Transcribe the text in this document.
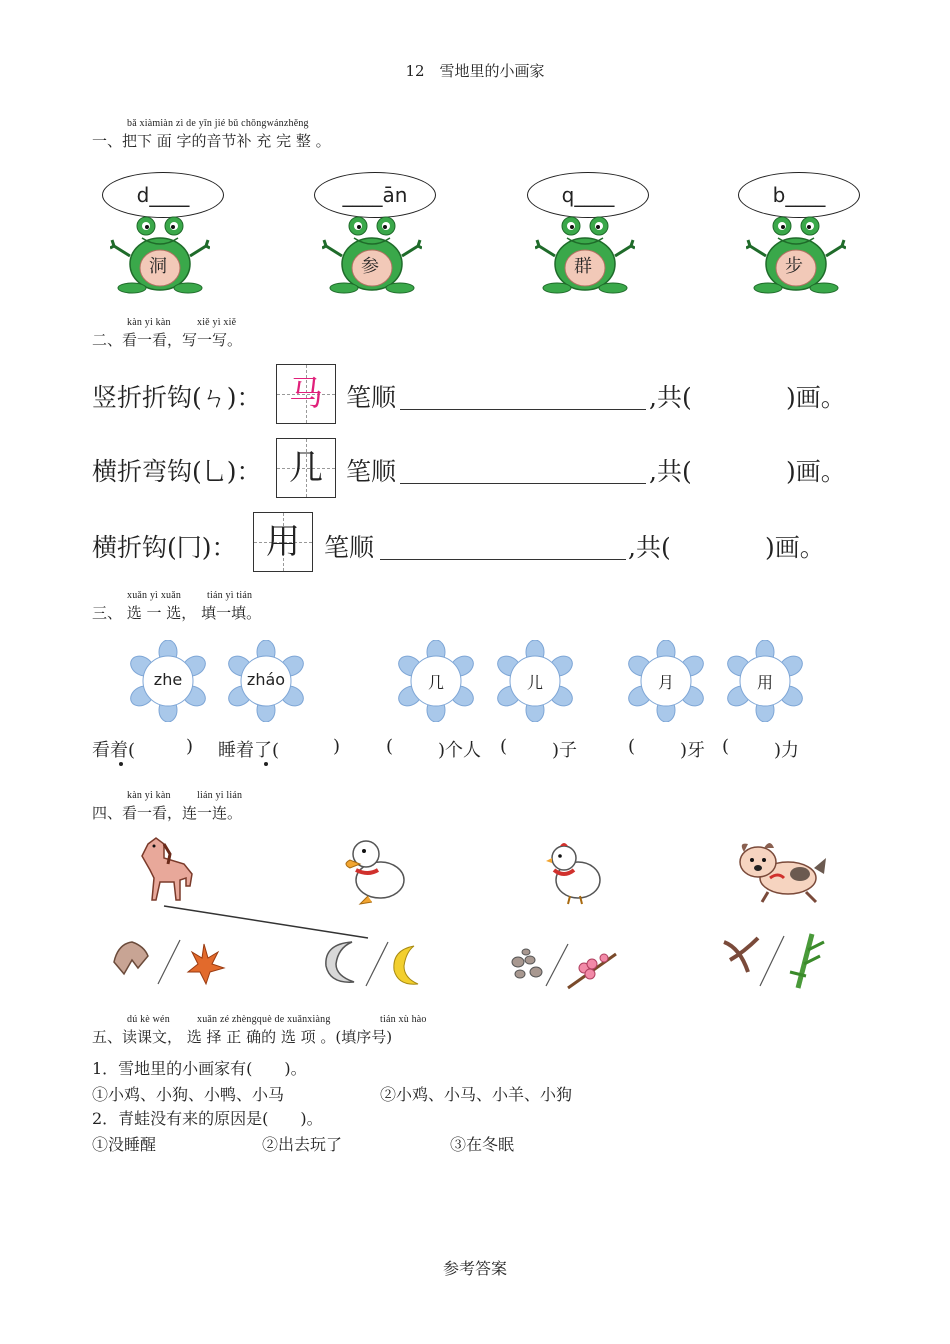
12　雪地里的小画家
bǎ xiàmiàn zì de yīn jié bǔ chōngwánzhěng
一、把下 面 字的音节补 充 完 整 。
d____
洞
____ān
参
q____
群
b____
步
kàn yi kàn	xiě yì xiě
二、看一看，写一写。
竖折折钩(ㄣ)： 马 笔顺	,共(	)画。
横折弯钩(乚)： 几 笔顺	,共(	)画。
横折钩(冂)： 用 笔顺	,共(	)画。
xuǎn yì xuǎn	tián yì tián
三、 选 一 选， 填一填。
zhe	zháo	几	儿	月	用
看着(	) 睡着了(	)	( )个人 ( )子	( )牙 ( )力
kàn yi kàn	lián yi lián
四、看一看，连一连。
dú kè wén	xuǎn zé zhèngquè de xuǎnxiàng	tián xù hào
五、读课文， 选 择 正 确的 选 项 。(填序号)
1．雪地里的小画家有(　　)。
①小鸡、小狗、小鸭、小马	②小鸡、小马、小羊、小狗
2．青蛙没有来的原因是(　　)。
①没睡醒	②出去玩了	③在冬眠
参考答案
